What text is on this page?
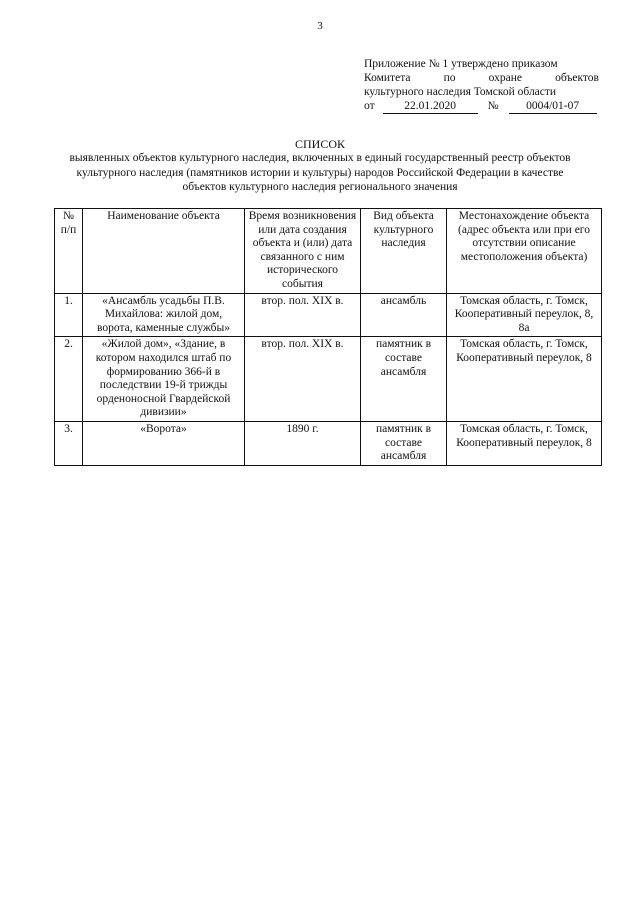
3
Приложение № 1 утверждено приказом
Комитета	по	охране	объектов
культурного наследия Томской области
от	22.01.2020	№	0004/01-07
СПИСОК
выявленных объектов культурного наследия, включенных в единый государственный реестр объектов культурного наследия (памятников истории и культуры) народов Российской Федерации в качестве объектов культурного наследия регионального значения
№ п/п	Наименование объекта	Время возникновения или дата создания объекта и (или) дата связанного с ним исторического события	Вид объекта культурного наследия	Местонахождение объекта (адрес объекта или при его отсутствии описание местоположения объекта)
1.	«Ансамбль усадьбы П.В. Михайлова: жилой дом, ворота, каменные службы»	втор. пол. XIX в.	ансамбль	Томская область, г. Томск, Кооперативный переулок, 8, 8а
2.	«Жилой дом», «Здание, в котором находился штаб по формированию 366-й в последствии 19-й трижды орденоносной Гвардейской дивизии»	втор. пол. XIX в.	памятник в составе ансамбля	Томская область, г. Томск, Кооперативный переулок, 8
3.	«Ворота»	1890 г.	памятник в составе ансамбля	Томская область, г. Томск, Кооперативный переулок, 8
